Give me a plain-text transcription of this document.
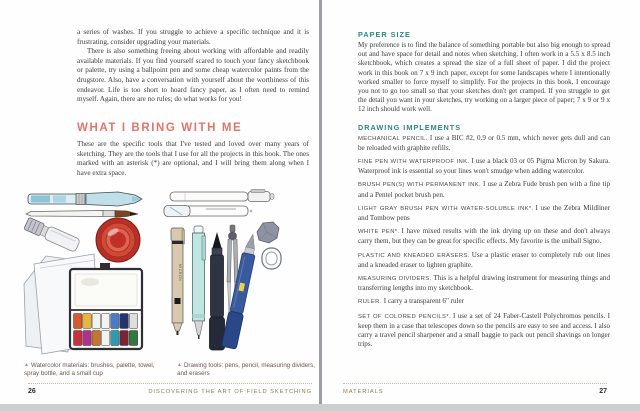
a series of washes. If you struggle to achieve a specific technique and it is frustrating, consider upgrading your materials.

There is also something freeing about working with affordable and readily available materials. If you find yourself scared to touch your fancy sketchbook or palette, try using a ballpoint pen and some cheap watercolor paints from the drugstore. Also, have a conversation with yourself about the worthiness of this endeavor. Life is too short to hoard fancy paper, as I often need to remind myself. Again, there are no rules; do what works for you!

WHAT I BRING WITH ME

These are the specific tools that I've tested and loved over many years of sketching. They are the tools that I use for all the projects in this book. The ones marked with an asterisk (*) are optional, and I will bring them along when I have extra space.

MICRON
▲ Watercolor materials: brushes, palette, towel, spray bottle, and a small cup
▲ Drawing tools: pens, pencil, measuring dividers, and erasers
26	DISCOVERING THE ART OF FIELD SKETCHING
PAPER SIZE

My preference is to find the balance of something portable but also big enough to spread out and have space for detail and notes when sketching. I often work in a 5.5 x 8.5 inch sketchbook, which creates a spread the size of a full sheet of paper. I did the project work in this book on 7 x 9 inch paper, except for some landscapes where I intentionally worked smaller to force myself to simplify. For the projects in this book, I encourage you not to go too small so that your sketches don't get cramped. If you struggle to get the detail you want in your sketches, try working on a larger piece of paper; 7 x 9 or 9 x 12 inch should work well.

DRAWING IMPLEMENTS

MECHANICAL PENCIL. I use a BIC #2, 0.9 or 0.5 mm, which never gets dull and can be reloaded with graphite refills.

FINE PEN WITH WATERPROOF INK. I use a black 03 or 05 Pigma Micron by Sakura. Waterproof ink is essential so your lines won't smudge when adding watercolor.

BRUSH PEN(S) WITH PERMANENT INK. I use a Zebra Fude brush pen with a fine tip and a Pentel pocket brush pen.

LIGHT GRAY BRUSH PEN WITH WATER-SOLUBLE INK*. I use the Zebra Mildliner and Tombow pens

WHITE PEN*. I have mixed results with the ink drying up on these and don't always carry them, but they can be great for specific effects. My favorite is the uniball Signo.

PLASTIC AND KNEADED ERASERS. Use a plastic eraser to completely rub out lines and a kneaded eraser to lighten graphite.

MEASURING DIVIDERS. This is a helpful drawing instrument for measuring things and transferring lengths into my sketchbook.

RULER. I carry a transparent 6" ruler

SET OF COLORED PENCILS*. I use a set of 24 Faber-Castell Polychromos pencils. I keep them in a case that telescopes down so the pencils are easy to see and access. I also carry a travel pencil sharpener and a small baggie to pack out pencil shavings on longer trips.

MATERIALS	27
